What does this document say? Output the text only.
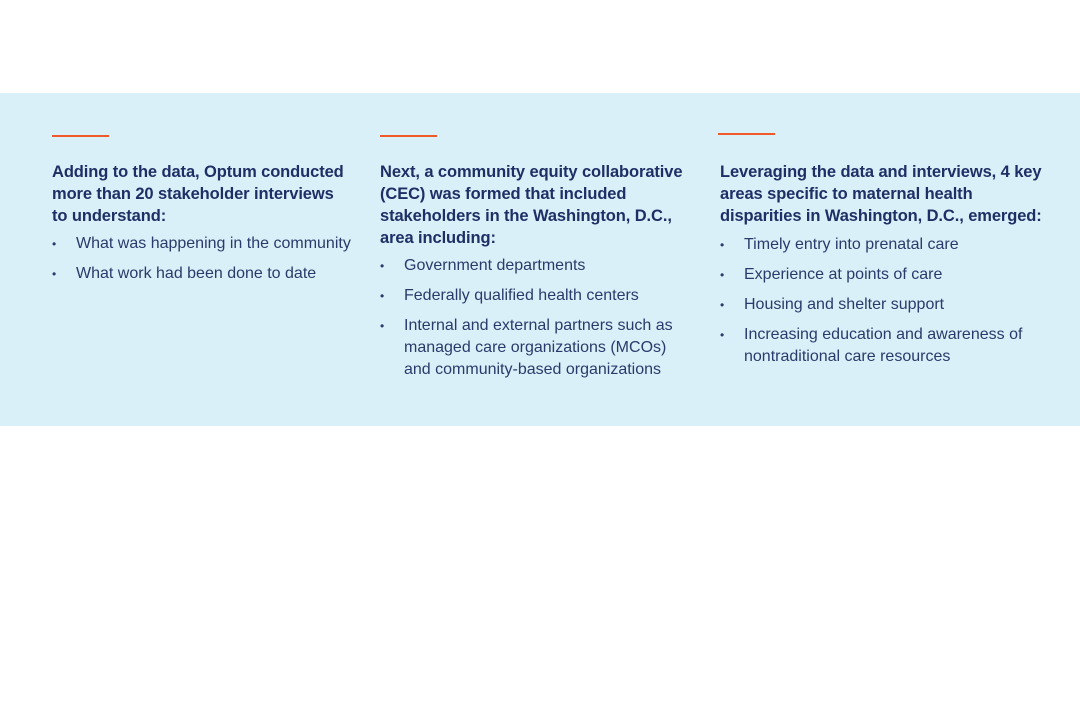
Adding to the data, Optum conducted more than 20 stakeholder interviews to understand:
• What was happening in the community
• What work had been done to date
Next, a community equity collaborative (CEC) was formed that included stakeholders in the Washington, D.C., area including:
• Government departments
• Federally qualified health centers
• Internal and external partners such as managed care organizations (MCOs) and community-based organizations
Leveraging the data and interviews, 4 key areas specific to maternal health disparities in Washington, D.C., emerged:
• Timely entry into prenatal care
• Experience at points of care
• Housing and shelter support
• Increasing education and awareness of nontraditional care resources
